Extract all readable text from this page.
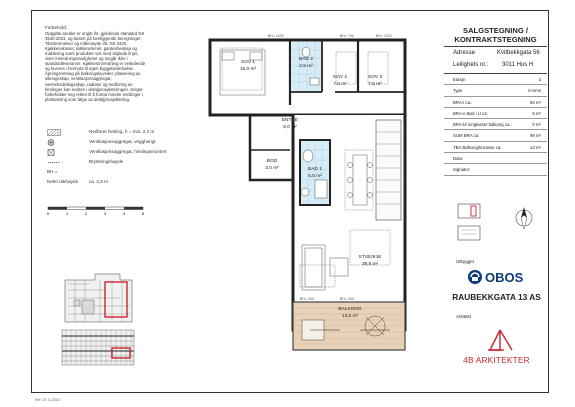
Forbehold:
Oppgitte arealer er angitt iht. gjeldende standard NS
3940:2023, og basert på foreliggende beregninger.
Tilstrammelser og målenøyde iht. NS 3420.
Kjøkkenskisser, tøkkerømmet, gardenbeskap og
møblering samt produkter vist med stiplede linjer,
viser innredningsmuligheter og inngår ikke i
standardleveranse. Kjøkkeninnredning er veiledende
og leveres i henhold til egen byggebeskrivelse.
Åpningsretning på balkongskyveder, plassering av
sikringsskap, ventilasjonsaggregat,
varmefordelingsskap, radiator og nedforing av
himlinger kan endres i detaljprosjekteringen. Selger
forbeholder seg retten til å foreta mindre endringer i
planløsning som følge av detaljprosjektering.
Nedforet himling, h = min. 2,2 m
Ventilasjonsaggregat, vegghengt
Ventilasjonsaggregat, himlingsmontert
Brystningshøyde
BH =
Netto takhøyde ca. 2,5 m
0	1	2	3	4	5
Ref. 15.11.2024
BH= 1100	BH= 700	BH= 1100
BH= 400	BH= 400
SOV 1
15,0 m²
BAD 2
2,5 m²
SOV 2
7,5 m²
SOV 3
7,5 m²
ENTRE
8,0 m²
BOD
3,0 m²	BAD 1
5,5 m²
STUE/KJK
39,5 m²
BALKONG
13,5 m²
SALGSTEGNING /
KONTRAKTSTEGNING
Adresse	Kvitbekkgata 56
Leilighets nr.: 3011 Hus H
Etasje:	3
Type	4-roms
BRA-i ca.:	94 m²
BRA-e Bod i U ca:	5 m²
BRA-b/ innglasset balkong ca.:	0 m²
SUM BRA ca:	99 m²
TBA Balkong/terrasse ca:	13 m²
Dato:
Signatur:
Utbygger
OBOS
RAUBEKKGATA 13 AS
Arkitekt
4B ARKITEKTER
